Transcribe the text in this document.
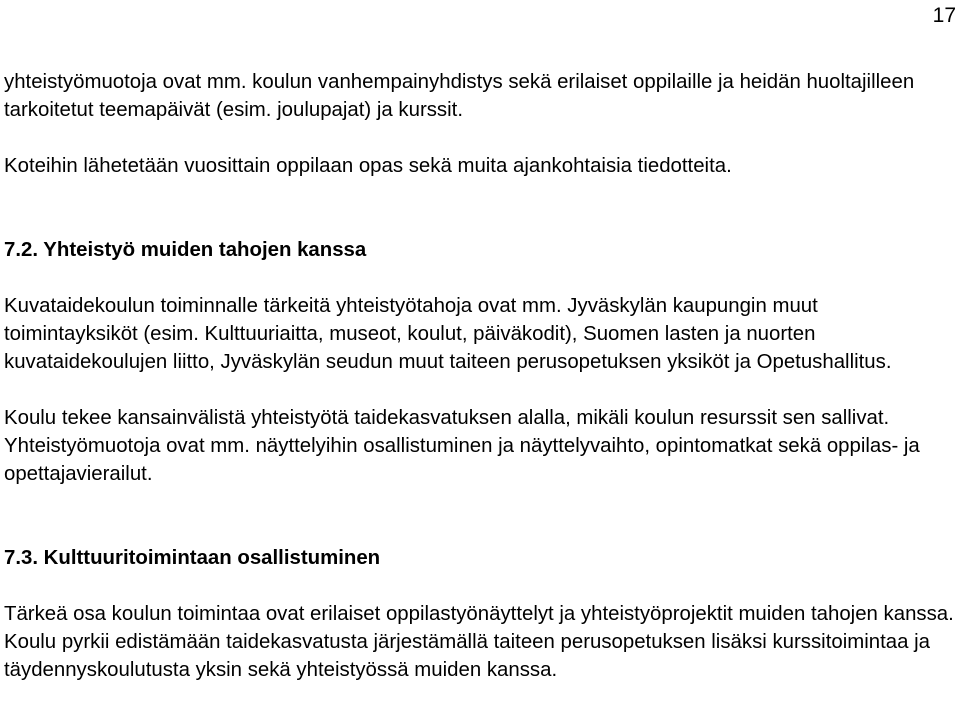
17

yhteistyömuotoja ovat mm. koulun vanhempainyhdistys sekä erilaiset oppilaille ja heidän huoltajilleen tarkoitetut teemapäivät (esim. joulupajat) ja kurssit.

Koteihin lähetetään vuosittain oppilaan opas sekä muita ajankohtaisia tiedotteita.

7.2. Yhteistyö muiden tahojen kanssa

Kuvataidekoulun toiminnalle tärkeitä yhteistyötahoja ovat mm. Jyväskylän kaupungin muut toimintayksiköt (esim. Kulttuuriaitta, museot, koulut, päiväkodit), Suomen lasten ja nuorten kuvataidekoulujen liitto, Jyväskylän seudun muut taiteen perusopetuksen yksiköt ja Opetushallitus.

Koulu tekee kansainvälistä yhteistyötä taidekasvatuksen alalla, mikäli koulun resurssit sen sallivat. Yhteistyömuotoja ovat mm. näyttelyihin osallistuminen ja näyttelyvaihto, opintomatkat sekä oppilas- ja opettajavierailut.

7.3. Kulttuuritoimintaan osallistuminen

Tärkeä osa koulun toimintaa ovat erilaiset oppilastyönäyttelyt ja yhteistyöprojektit muiden tahojen kanssa. Koulu pyrkii edistämään taidekasvatusta järjestämällä taiteen perusopetuksen lisäksi kurssitoimintaa ja täydennyskoulutusta yksin sekä yhteistyössä muiden kanssa.
